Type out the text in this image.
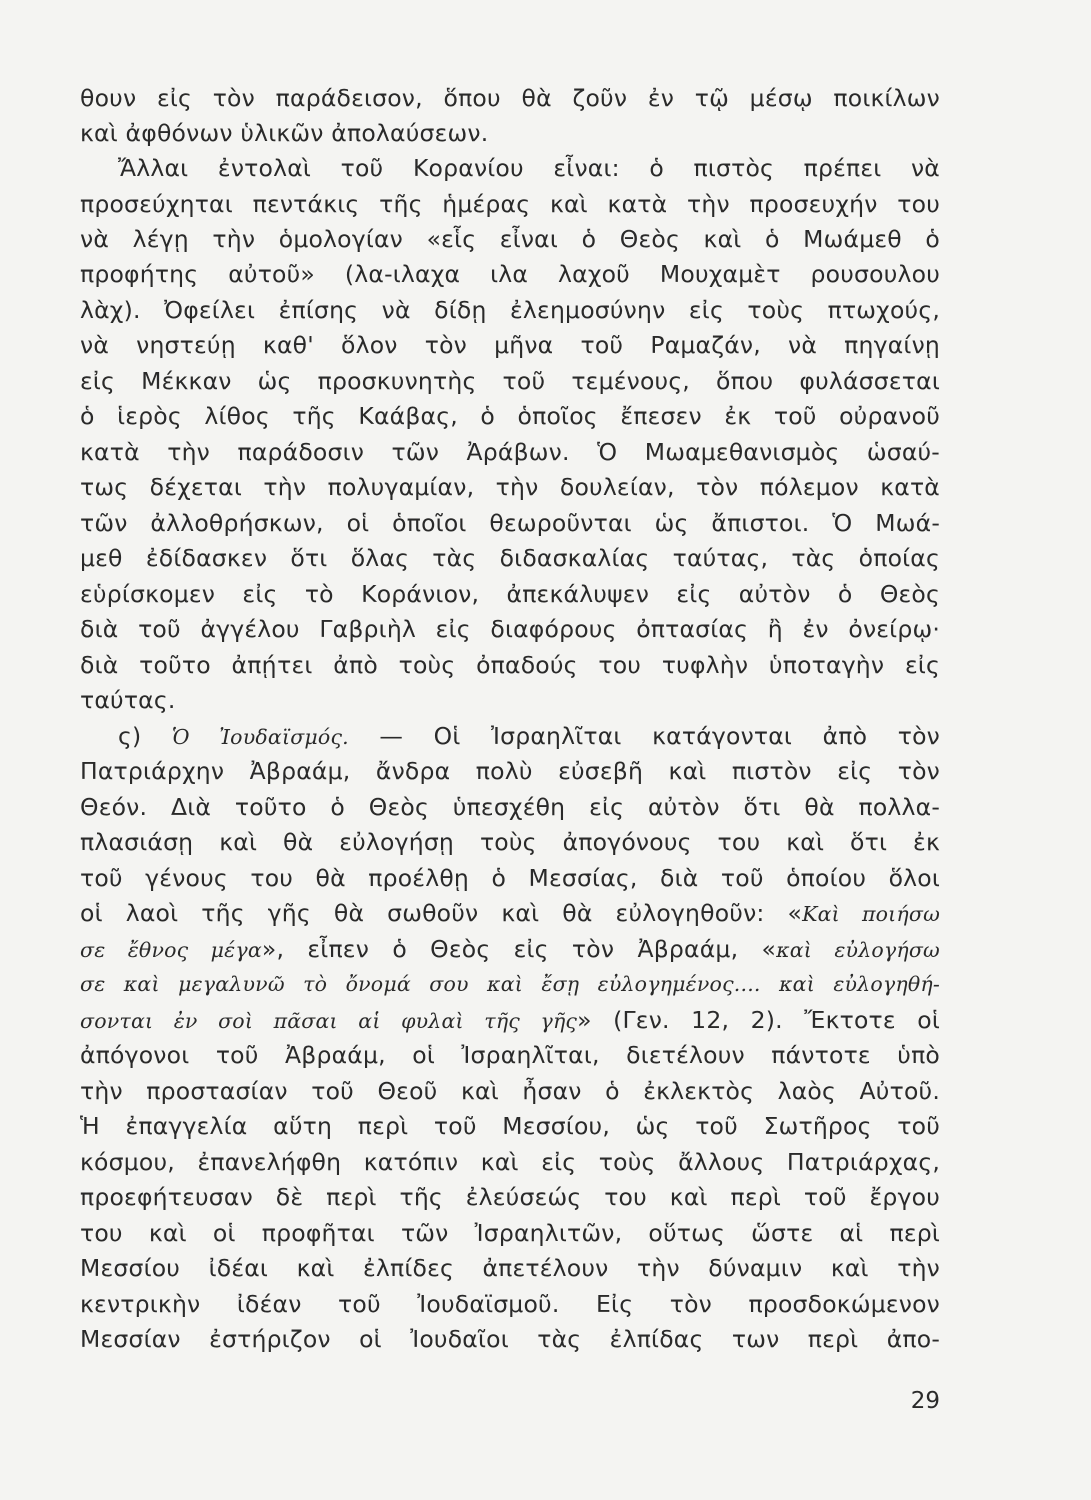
θουν εἰς τὸν παράδεισον, ὅπου θὰ ζοῦν ἐν τῷ μέσῳ ποικίλων
καὶ ἀφθόνων ὑλικῶν ἀπολαύσεων.
Ἄλλαι ἐντολαὶ τοῦ Κορανίου εἶναι: ὁ πιστὸς πρέπει νὰ
προσεύχηται πεντάκις τῆς ἡμέρας καὶ κατὰ τὴν προσευχήν του
νὰ λέγῃ τὴν ὁμολογίαν «εἷς εἶναι ὁ Θεὸς καὶ ὁ Μωάμεθ ὁ
προφήτης αὐτοῦ» (λα-ιλαχα ιλα λαχοῦ Μουχαμὲτ ρουσουλου
λὰχ). Ὀφείλει ἐπίσης νὰ δίδῃ ἐλεημοσύνην εἰς τοὺς πτωχούς,
νὰ νηστεύῃ καθ' ὅλον τὸν μῆνα τοῦ Ραμαζάν, νὰ πηγαίνῃ
εἰς Μέκκαν ὡς προσκυνητὴς τοῦ τεμένους, ὅπου φυλάσσεται
ὁ ἱερὸς λίθος τῆς Καάβας, ὁ ὁποῖος ἔπεσεν ἐκ τοῦ οὐρανοῦ
κατὰ τὴν παράδοσιν τῶν Ἀράβων. Ὁ Μωαμεθανισμὸς ὡσαύ-
τως δέχεται τὴν πολυγαμίαν, τὴν δουλείαν, τὸν πόλεμον κατὰ
τῶν ἀλλοθρήσκων, οἱ ὁποῖοι θεωροῦνται ὡς ἄπιστοι. Ὁ Μωά-
μεθ ἐδίδασκεν ὅτι ὅλας τὰς διδασκαλίας ταύτας, τὰς ὁποίας
εὑρίσκομεν εἰς τὸ Κοράνιον, ἀπεκάλυψεν εἰς αὐτὸν ὁ Θεὸς
διὰ τοῦ ἀγγέλου Γαβριὴλ εἰς διαφόρους ὀπτασίας ἢ ἐν ὀνείρῳ·
διὰ τοῦτο ἀπῄτει ἀπὸ τοὺς ὀπαδούς του τυφλὴν ὑποταγὴν εἰς
ταύτας.
ς) Ὁ Ἰουδαϊσμός. — Οἱ Ἰσραηλῖται κατάγονται ἀπὸ τὸν
Πατριάρχην Ἀβραάμ, ἄνδρα πολὺ εὐσεβῆ καὶ πιστὸν εἰς τὸν
Θεόν. Διὰ τοῦτο ὁ Θεὸς ὑπεσχέθη εἰς αὐτὸν ὅτι θὰ πολλα-
πλασιάσῃ καὶ θὰ εὐλογήσῃ τοὺς ἀπογόνους του καὶ ὅτι ἐκ
τοῦ γένους του θὰ προέλθῃ ὁ Μεσσίας, διὰ τοῦ ὁποίου ὅλοι
οἱ λαοὶ τῆς γῆς θὰ σωθοῦν καὶ θὰ εὐλογηθοῦν: «Καὶ ποιήσω
σε ἔθνος μέγα», εἶπεν ὁ Θεὸς εἰς τὸν Ἀβραάμ, «καὶ εὐλογήσω
σε καὶ μεγαλυνῶ τὸ ὄνομά σου καὶ ἔσῃ εὐλογημένος.... καὶ εὐλογηθή-
σονται ἐν σοὶ πᾶσαι αἱ φυλαὶ τῆς γῆς» (Γεν. 12, 2). Ἔκτοτε οἱ
ἀπόγονοι τοῦ Ἀβραάμ, οἱ Ἰσραηλῖται, διετέλουν πάντοτε ὑπὸ
τὴν προστασίαν τοῦ Θεοῦ καὶ ἦσαν ὁ ἐκλεκτὸς λαὸς Αὐτοῦ.
Ἡ ἐπαγγελία αὕτη περὶ τοῦ Μεσσίου, ὡς τοῦ Σωτῆρος τοῦ
κόσμου, ἐπανελήφθη κατόπιν καὶ εἰς τοὺς ἄλλους Πατριάρχας,
προεφήτευσαν δὲ περὶ τῆς ἐλεύσεώς του καὶ περὶ τοῦ ἔργου
του καὶ οἱ προφῆται τῶν Ἰσραηλιτῶν, οὕτως ὥστε αἱ περὶ
Μεσσίου ἰδέαι καὶ ἐλπίδες ἀπετέλουν τὴν δύναμιν καὶ τὴν
κεντρικὴν ἰδέαν τοῦ Ἰουδαϊσμοῦ. Εἰς τὸν προσδοκώμενον
Μεσσίαν ἐστήριζον οἱ Ἰουδαῖοι τὰς ἐλπίδας των περὶ ἀπο-
29
